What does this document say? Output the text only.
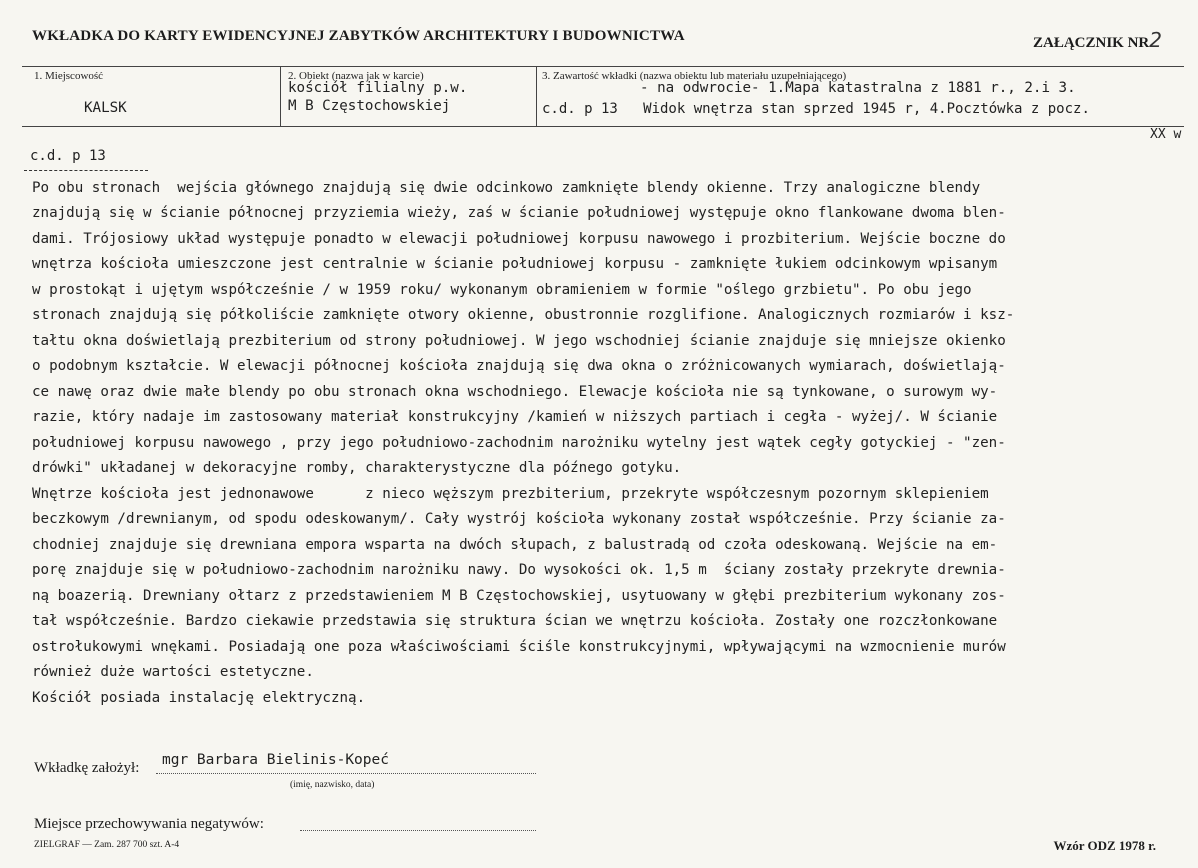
WKŁADKA DO KARTY EWIDENCYJNEJ ZABYTKÓW ARCHITEKTURY I BUDOWNICTWA	ZAŁĄCZNIK NR2
1. Miejscowość
KALSK
2. Obiekt (nazwa jak w karcie)
kościół filialny p.w.
M B Częstochowskiej
3. Zawartość wkładki (nazwa obiektu lub materiału uzupełniającego)
- na odwrocie- 1.Mapa katastralna z 1881 r., 2.i 3.
c.d. p 13   Widok wnętrza stan sprzed 1945 r, 4.Pocztówka z pocz.
XX w
c.d. p 13
Po obu stronach  wejścia głównego znajdują się dwie odcinkowo zamknięte blendy okienne. Trzy analogiczne blendy
znajdują się w ścianie północnej przyziemia wieży, zaś w ścianie południowej występuje okno flankowane dwoma blen-
dami. Trójosiowy układ występuje ponadto w elewacji południowej korpusu nawowego i prozbiterium. Wejście boczne do
wnętrza kościoła umieszczone jest centralnie w ścianie południowej korpusu - zamknięte łukiem odcinkowym wpisanym
w prostokąt i ujętym współcześnie / w 1959 roku/ wykonanym obramieniem w formie "oślego grzbietu". Po obu jego
stronach znajdują się półkoliście zamknięte otwory okienne, obustronnie rozglifione. Analogicznych rozmiarów i ksz-
tałtu okna doświetlają prezbiterium od strony południowej. W jego wschodniej ścianie znajduje się mniejsze okienko
o podobnym kształcie. W elewacji północnej kościoła znajdują się dwa okna o zróżnicowanych wymiarach, doświetlają-
ce nawę oraz dwie małe blendy po obu stronach okna wschodniego. Elewacje kościoła nie są tynkowane, o surowym wy-
razie, który nadaje im zastosowany materiał konstrukcyjny /kamień w niższych partiach i cegła - wyżej/. W ścianie
południowej korpusu nawowego , przy jego południowo-zachodnim narożniku wytelny jest wątek cegły gotyckiej - "zen-
drówki" układanej w dekoracyjne romby, charakterystyczne dla późnego gotyku.
Wnętrze kościoła jest jednonawowe      z nieco węższym prezbiterium, przekryte współczesnym pozornym sklepieniem
beczkowym /drewnianym, od spodu odeskowanym/. Cały wystrój kościoła wykonany został współcześnie. Przy ścianie za-
chodniej znajduje się drewniana empora wsparta na dwóch słupach, z balustradą od czoła odeskowaną. Wejście na em-
porę znajduje się w południowo-zachodnim narożniku nawy. Do wysokości ok. 1,5 m  ściany zostały przekryte drewnia-
ną boazerią. Drewniany ołtarz z przedstawieniem M B Częstochowskiej, usytuowany w głębi prezbiterium wykonany zos-
tał współcześnie. Bardzo ciekawie przedstawia się struktura ścian we wnętrzu kościoła. Zostały one rozczłonkowane
ostrołukowymi wnękami. Posiadają one poza właściwościami ściśle konstrukcyjnymi, wpływającymi na wzmocnienie murów
również duże wartości estetyczne.
Kościół posiada instalację elektryczną.
Wkładkę założył: mgr Barbara Bielinis-Kopeć
(imię, nazwisko, data)
Miejsce przechowywania negatywów:
ZIELGRAF — Zam. 287 700 szt. A-4	Wzór ODZ 1978 r.
